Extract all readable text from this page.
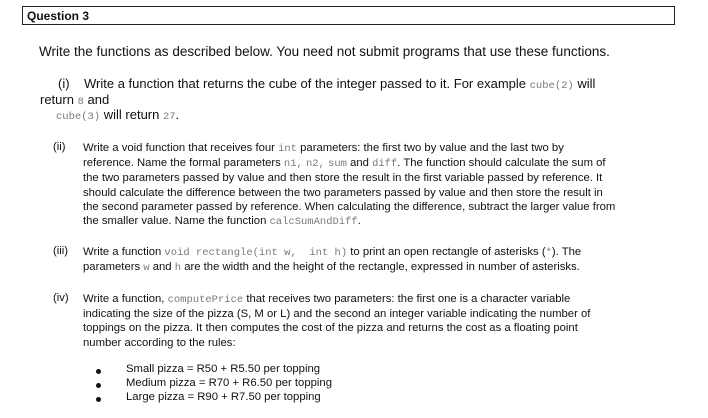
Question 3
Write the functions as described below. You need not submit programs that use these functions.
(i) Write a function that returns the cube of the integer passed to it. For example cube(2) will
return 8 and
cube(3) will return 27.
(ii) Write a void function that receives four int parameters: the first two by value and the last two by
reference. Name the formal parameters n1, n2, sum and diff. The function should calculate the sum of
the two parameters passed by value and then store the result in the first variable passed by reference. It
should calculate the difference between the two parameters passed by value and then store the result in
the second parameter passed by reference. When calculating the difference, subtract the larger value from
the smaller value. Name the function calcSumAndDiff.
(iii) Write a function void rectangle(int w,  int h) to print an open rectangle of asterisks (*). The
parameters w and h are the width and the height of the rectangle, expressed in number of asterisks.
(iv) Write a function, computePrice that receives two parameters: the first one is a character variable
indicating the size of the pizza (S, M or L) and the second an integer variable indicating the number of
toppings on the pizza. It then computes the cost of the pizza and returns the cost as a floating point
number according to the rules:
Small pizza = R50 + R5.50 per topping
Medium pizza = R70 + R6.50 per topping
Large pizza = R90 + R7.50 per topping
